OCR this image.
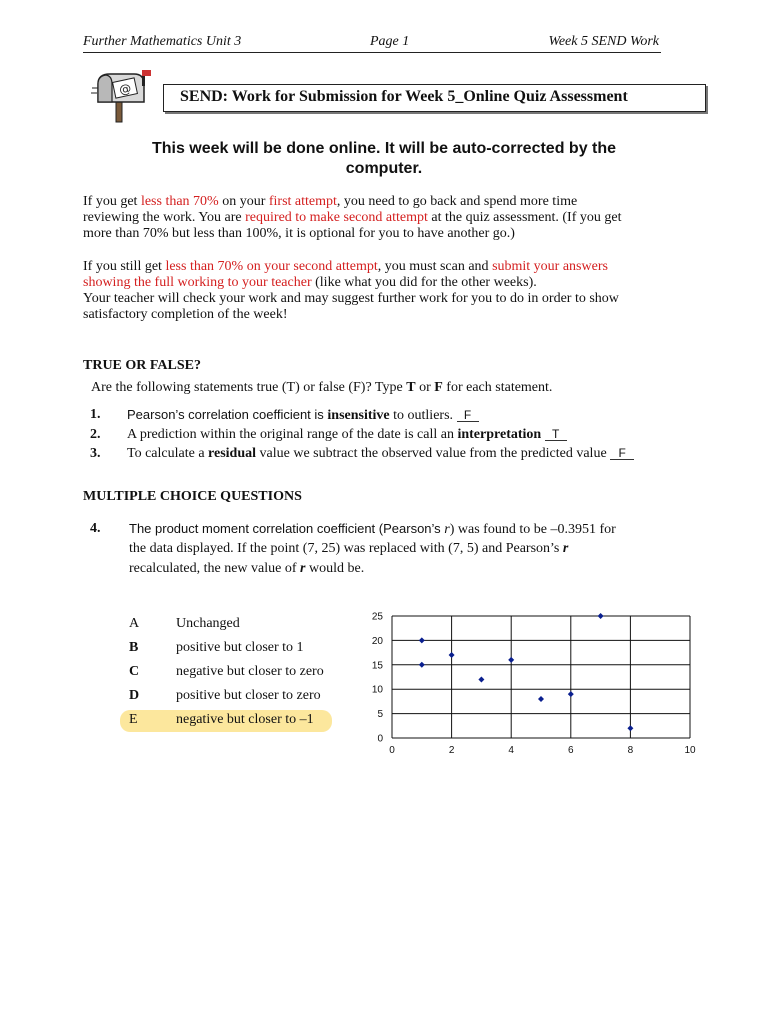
Further Mathematics Unit 3	Page 1	Week 5 SEND Work
@	SEND: Work for Submission for Week 5_Online Quiz Assessment
This week will be done online. It will be auto-corrected by the
computer.
If you get less than 70% on your first attempt, you need to go back and spend more time
reviewing the work. You are required to make second attempt at the quiz assessment. (If you get
more than 70% but less than 100%, it is optional for you to have another go.)
If you still get less than 70% on your second attempt, you must scan and submit your answers
showing the full working to your teacher (like what you did for the other weeks).
Your teacher will check your work and may suggest further work for you to do in order to show
satisfactory completion of the week!
TRUE OR FALSE?
Are the following statements true (T) or false (F)? Type T or F for each statement.
1. Pearson’s correlation coefficient is insensitive to outliers. F
2. A prediction within the original range of the date is call an interpretation T
3. To calculate a residual value we subtract the observed value from the predicted value F
MULTIPLE CHOICE QUESTIONS
4. The product moment correlation coefficient (Pearson’s r) was found to be –0.3951 for
the data displayed. If the point (7, 25) was replaced with (7, 5) and Pearson’s r
recalculated, the new value of r would be.
A	Unchanged
B	positive but closer to 1
C	negative but closer to zero
D	positive but closer to zero
E	negative but closer to –1
0
5
10
15
20
25
0	2	4	6	8	10
